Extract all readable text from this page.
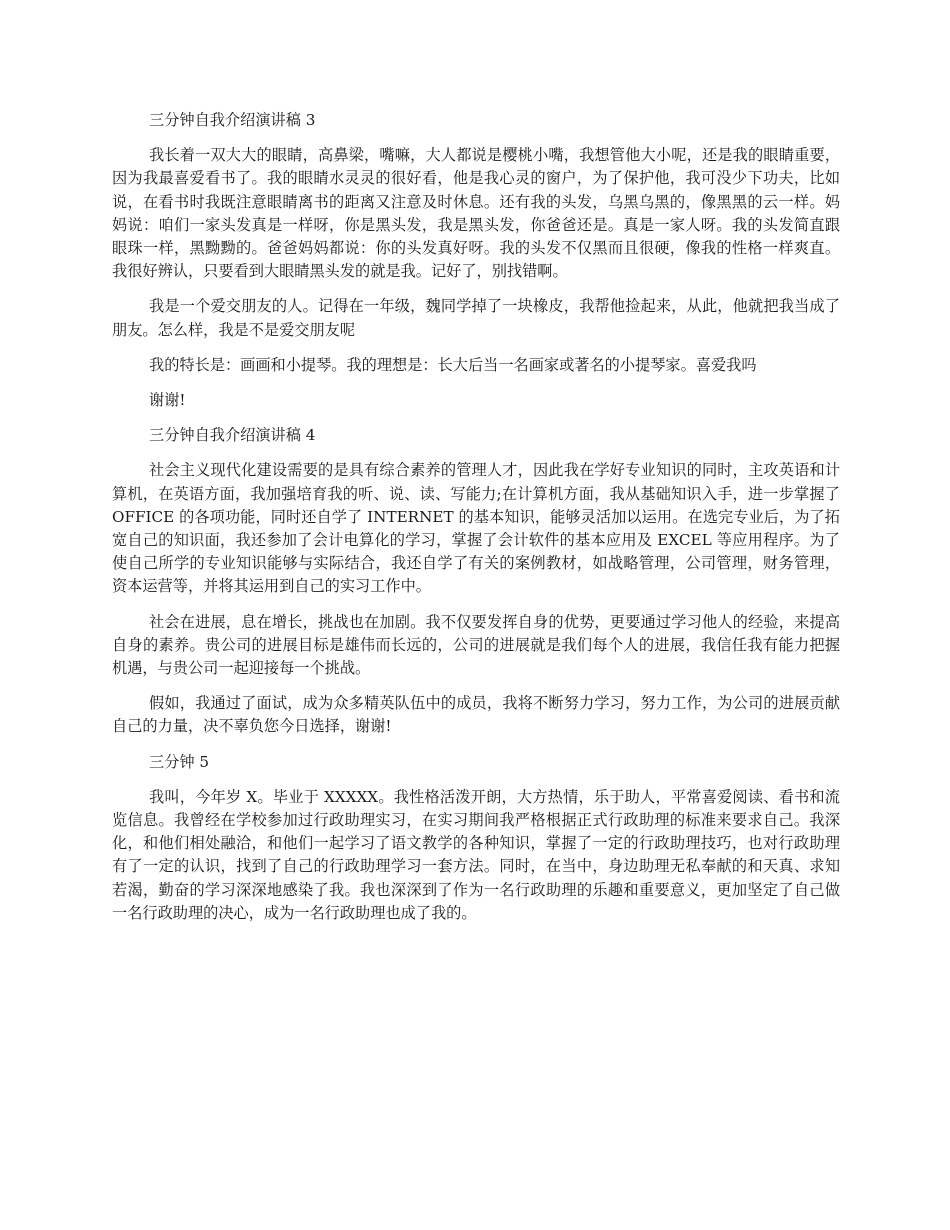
三分钟自我介绍演讲稿 3

我长着一双大大的眼睛，高鼻梁，嘴嘛，大人都说是樱桃小嘴，我想管他大小呢，还是我的眼睛重要，因为我最喜爱看书了。我的眼睛水灵灵的很好看，他是我心灵的窗户，为了保护他，我可没少下功夫，比如说，在看书时我既注意眼睛离书的距离又注意及时休息。还有我的头发，乌黑乌黑的，像黑黑的云一样。妈妈说：咱们一家头发真是一样呀，你是黑头发，我是黑头发，你爸爸还是。真是一家人呀。我的头发简直跟眼珠一样，黑黝黝的。爸爸妈妈都说：你的头发真好呀。我的头发不仅黑而且很硬，像我的性格一样爽直。我很好辨认，只要看到大眼睛黑头发的就是我。记好了，别找错啊。

我是一个爱交朋友的人。记得在一年级，魏同学掉了一块橡皮，我帮他捡起来，从此，他就把我当成了朋友。怎么样，我是不是爱交朋友呢

我的特长是：画画和小提琴。我的理想是：长大后当一名画家或著名的小提琴家。喜爱我吗

谢谢!

三分钟自我介绍演讲稿 4

社会主义现代化建设需要的是具有综合素养的管理人才，因此我在学好专业知识的同时，主攻英语和计算机，在英语方面，我加强培育我的听、说、读、写能力;在计算机方面，我从基础知识入手，进一步掌握了 OFFICE 的各项功能，同时还自学了 INTERNET 的基本知识，能够灵活加以运用。在选完专业后，为了拓宽自己的知识面，我还参加了会计电算化的学习，掌握了会计软件的基本应用及 EXCEL 等应用程序。为了使自己所学的专业知识能够与实际结合，我还自学了有关的案例教材，如战略管理，公司管理，财务管理，资本运营等，并将其运用到自己的实习工作中。

社会在进展，息在增长，挑战也在加剧。我不仅要发挥自身的优势，更要通过学习他人的经验，来提高自身的素养。贵公司的进展目标是雄伟而长远的，公司的进展就是我们每个人的进展，我信任我有能力把握机遇，与贵公司一起迎接每一个挑战。

假如，我通过了面试，成为众多精英队伍中的成员，我将不断努力学习，努力工作，为公司的进展贡献自己的力量，决不辜负您今日选择，谢谢!

三分钟 5

我叫，今年岁 X。毕业于 XXXXX。我性格活泼开朗，大方热情，乐于助人，平常喜爱阅读、看书和流览信息。我曾经在学校参加过行政助理实习，在实习期间我严格根据正式行政助理的标准来要求自己。我深化，和他们相处融洽，和他们一起学习了语文教学的各种知识，掌握了一定的行政助理技巧，也对行政助理有了一定的认识，找到了自己的行政助理学习一套方法。同时，在当中，身边助理无私奉献的和天真、求知若渴，勤奋的学习深深地感染了我。我也深深到了作为一名行政助理的乐趣和重要意义，更加坚定了自己做一名行政助理的决心，成为一名行政助理也成了我的。
